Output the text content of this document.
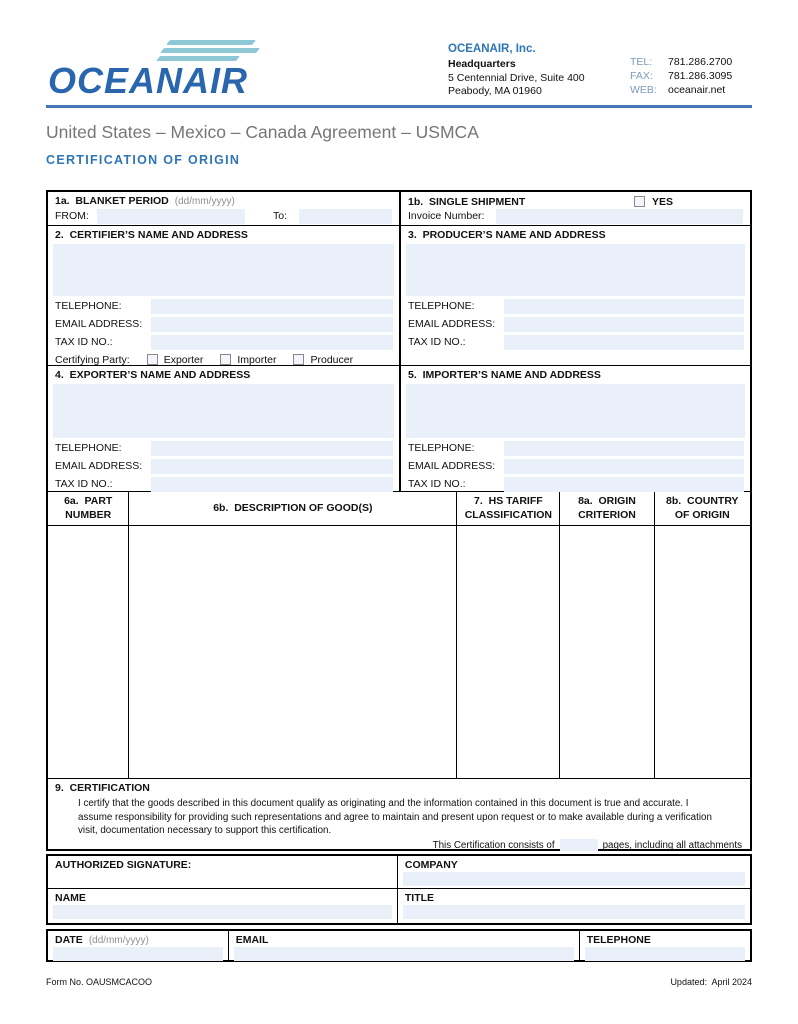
OCEANAIR
OCEANAIR, Inc.
Headquarters
5 Centennial Drive, Suite 400
Peabody, MA 01960
TEL:	781.286.2700
FAX:	781.286.3095
WEB:	oceanair.net
United States – Mexico – Canada Agreement – USMCA
CERTIFICATION OF ORIGIN
1a.  BLANKET PERIOD (dd/mm/yyyy)
FROM:	To:
1b.  SINGLE SHIPMENT	YES
Invoice Number:
2.  CERTIFIER’S NAME AND ADDRESS
TELEPHONE:
EMAIL ADDRESS:
TAX ID NO.:
Certifying Party:	Exporter	Importer	Producer
3.  PRODUCER’S NAME AND ADDRESS
TELEPHONE:
EMAIL ADDRESS:
TAX ID NO.:
4.  EXPORTER’S NAME AND ADDRESS
TELEPHONE:
EMAIL ADDRESS:
TAX ID NO.:
5.  IMPORTER’S NAME AND ADDRESS
TELEPHONE:
EMAIL ADDRESS:
TAX ID NO.:
6a.  PART
NUMBER
6b.  DESCRIPTION OF GOOD(S)
7.  HS TARIFF
CLASSIFICATION
8a.  ORIGIN
CRITERION
8b.  COUNTRY
OF ORIGIN
9.  CERTIFICATION
I certify that the goods described in this document qualify as originating and the information contained in this document is true and accurate. I assume responsibility for providing such representations and agree to maintain and present upon request or to make available during a verification visit, documentation necessary to support this certification.
This Certification consists of	pages, including all attachments
AUTHORIZED SIGNATURE:	COMPANY
NAME	TITLE
DATE (dd/mm/yyyy)	EMAIL	TELEPHONE
Form No. OAUSMCACOO	Updated:  April 2024
